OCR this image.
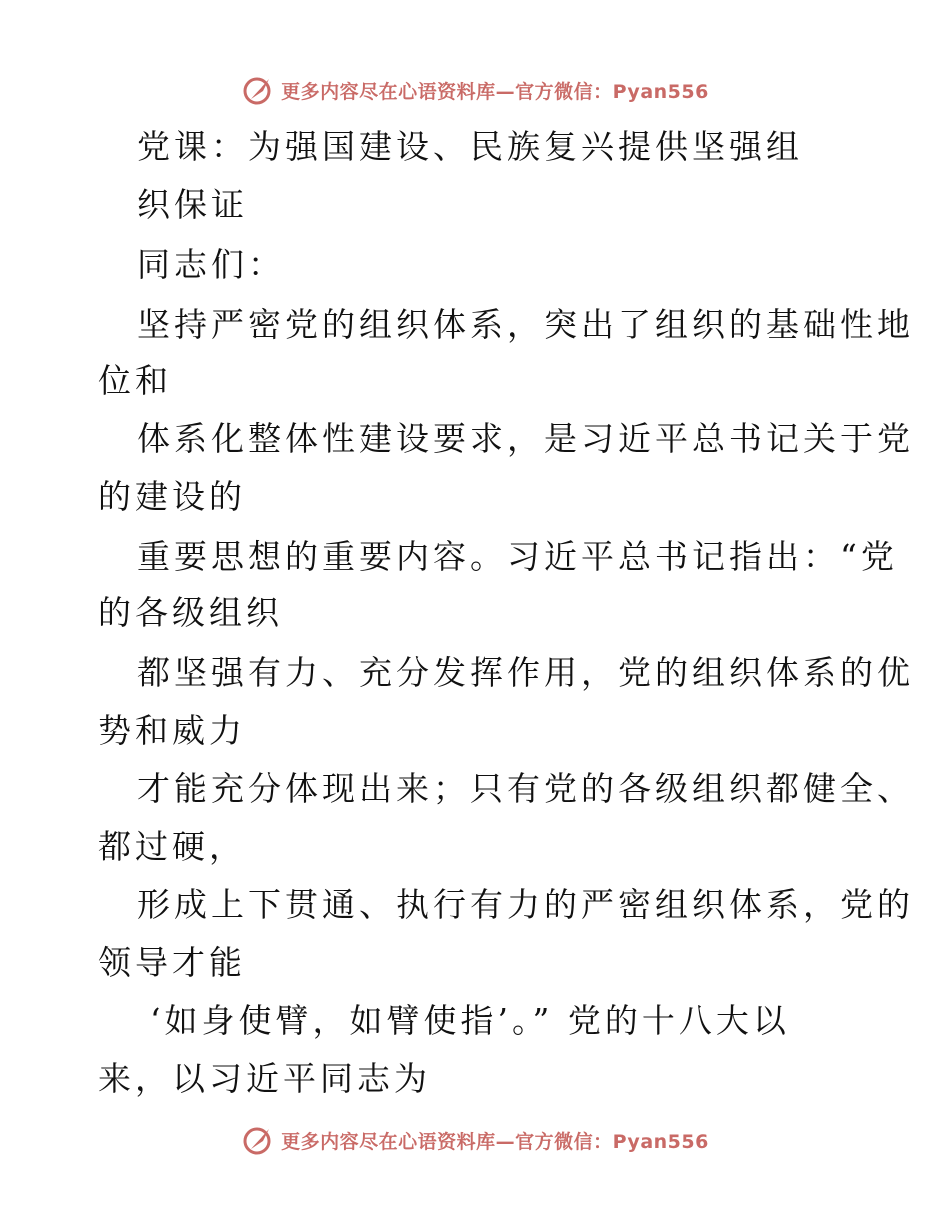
更多内容尽在心语资料库—官方微信：Pyan556
党课：为强国建设、民族复兴提供坚强组
织保证
同志们：
坚持严密党的组织体系，突出了组织的基础性地
位和
体系化整体性建设要求，是习近平总书记关于党
的建设的
重要思想的重要内容。习近平总书记指出：“党
的各级组织
都坚强有力、充分发挥作用，党的组织体系的优
势和威力
才能充分体现出来；只有党的各级组织都健全、
都过硬，
形成上下贯通、执行有力的严密组织体系，党的
领导才能
‘如身使臂，如臂使指’。” 党的十八大以
来，以习近平同志为
更多内容尽在心语资料库—官方微信：Pyan556
